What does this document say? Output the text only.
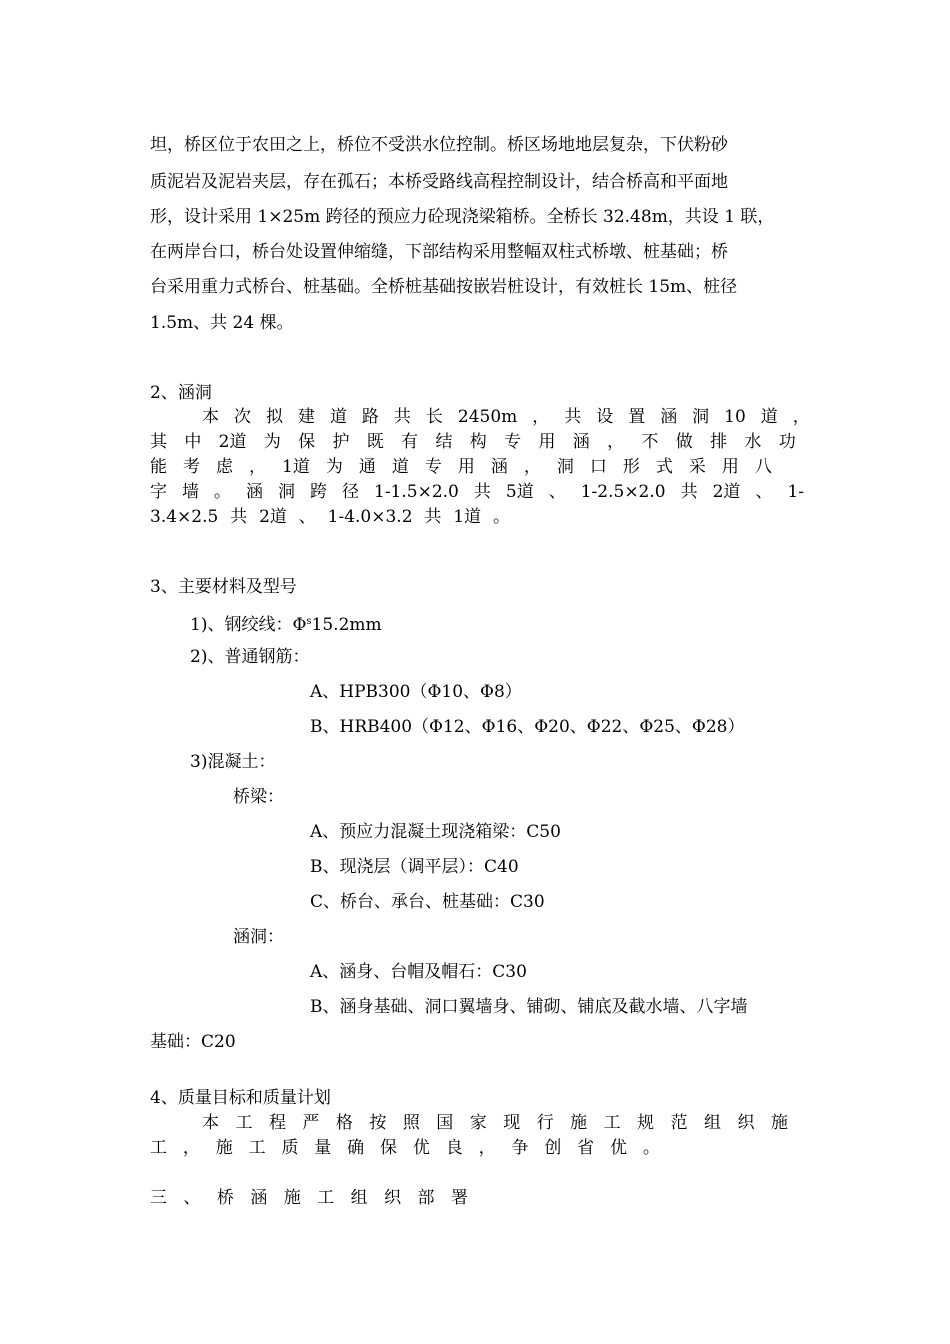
坦，桥区位于农田之上，桥位不受洪水位控制。桥区场地地层复杂，下伏粉砂
质泥岩及泥岩夹层，存在孤石；本桥受路线高程控制设计，结合桥高和平面地
形，设计采用 1×25m 跨径的预应力砼现浇梁箱桥。全桥长 32.48m，共设 1 联，
在两岸台口，桥台处设置伸缩缝，下部结构采用整幅双柱式桥墩、桩基础；桥
台采用重力式桥台、桩基础。全桥桩基础按嵌岩桩设计，有效桩长 15m、桩径
1.5m、共 24 棵。
2、涵洞
本 次 拟 建 道 路 共 长 2450m ， 共 设 置 涵 洞 10 道 ，
其 中 2道 为 保 护 既 有 结 构 专 用 涵 ， 不 做 排 水 功
能 考 虑 ， 1道 为 通 道 专 用 涵 ， 洞 口 形 式 采 用 八
字 墙 。 涵 洞 跨 径 1-1.5×2.0 共 5道 、 1-2.5×2.0 共 2道 、 1-
3.4×2.5 共 2道 、 1-4.0×3.2 共 1道 。
3、主要材料及型号
1)、钢绞线：$\Phi^s15.2mm$
2)、普通钢筋：
A、HPB300（Φ10、Φ8）
B、HRB400（Φ12、Φ16、Φ20、Φ22、Φ25、Φ28）
3)混凝土：
桥梁：
A、预应力混凝土现浇箱梁：C50
B、现浇层（调平层）：C40
C、桥台、承台、桩基础：C30
涵洞：
A、涵身、台帽及帽石：C30
B、涵身基础、洞口翼墙身、铺砌、铺底及截水墙、八字墙
基础：C20
4、质量目标和质量计划
本 工 程 严 格 按 照 国 家 现 行 施 工 规 范 组 织 施
工 ， 施 工 质 量 确 保 优 良 ， 争 创 省 优 。
三 、 桥 涵 施 工 组 织 部 署
